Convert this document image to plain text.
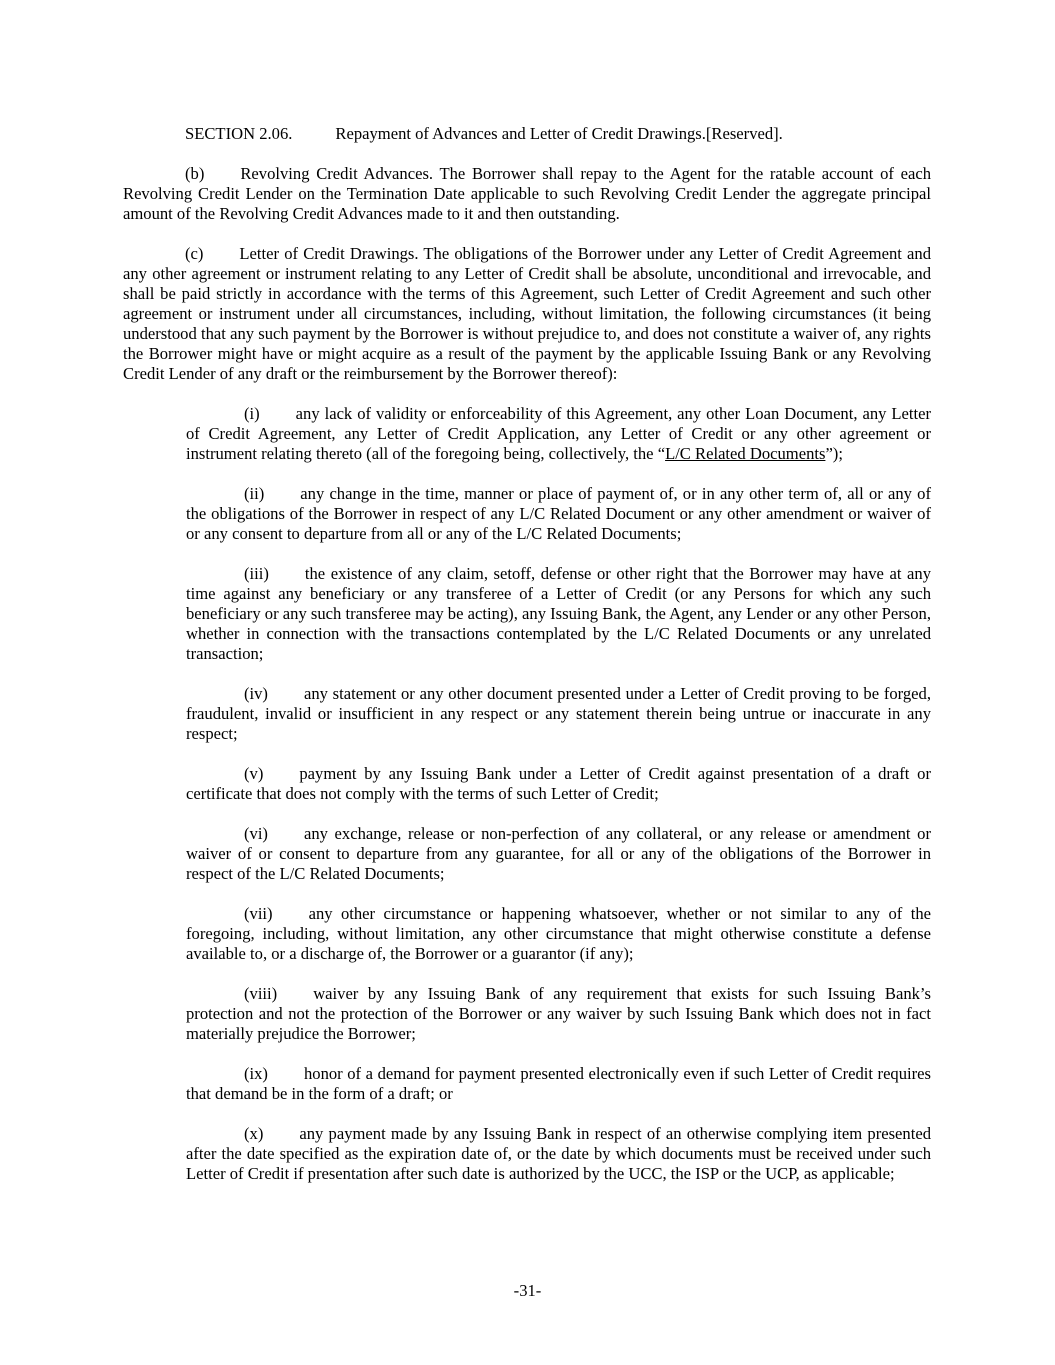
SECTION 2.06.	Repayment of Advances and Letter of Credit Drawings.[Reserved].

(b) Revolving Credit Advances. The Borrower shall repay to the Agent for the ratable account of each Revolving Credit Lender on the Termination Date applicable to such Revolving Credit Lender the aggregate principal amount of the Revolving Credit Advances made to it and then outstanding.

(c) Letter of Credit Drawings. The obligations of the Borrower under any Letter of Credit Agreement and any other agreement or instrument relating to any Letter of Credit shall be absolute, unconditional and irrevocable, and shall be paid strictly in accordance with the terms of this Agreement, such Letter of Credit Agreement and such other agreement or instrument under all circumstances, including, without limitation, the following circumstances (it being understood that any such payment by the Borrower is without prejudice to, and does not constitute a waiver of, any rights the Borrower might have or might acquire as a result of the payment by the applicable Issuing Bank or any Revolving Credit Lender of any draft or the reimbursement by the Borrower thereof):

(i) any lack of validity or enforceability of this Agreement, any other Loan Document, any Letter of Credit Agreement, any Letter of Credit Application, any Letter of Credit or any other agreement or instrument relating thereto (all of the foregoing being, collectively, the “L/C Related Documents”);

(ii) any change in the time, manner or place of payment of, or in any other term of, all or any of the obligations of the Borrower in respect of any L/C Related Document or any other amendment or waiver of or any consent to departure from all or any of the L/C Related Documents;

(iii) the existence of any claim, setoff, defense or other right that the Borrower may have at any time against any beneficiary or any transferee of a Letter of Credit (or any Persons for which any such beneficiary or any such transferee may be acting), any Issuing Bank, the Agent, any Lender or any other Person, whether in connection with the transactions contemplated by the L/C Related Documents or any unrelated transaction;

(iv) any statement or any other document presented under a Letter of Credit proving to be forged, fraudulent, invalid or insufficient in any respect or any statement therein being untrue or inaccurate in any respect;

(v) payment by any Issuing Bank under a Letter of Credit against presentation of a draft or certificate that does not comply with the terms of such Letter of Credit;

(vi) any exchange, release or non-perfection of any collateral, or any release or amendment or waiver of or consent to departure from any guarantee, for all or any of the obligations of the Borrower in respect of the L/C Related Documents;

(vii) any other circumstance or happening whatsoever, whether or not similar to any of the foregoing, including, without limitation, any other circumstance that might otherwise constitute a defense available to, or a discharge of, the Borrower or a guarantor (if any);

(viii) waiver by any Issuing Bank of any requirement that exists for such Issuing Bank’s protection and not the protection of the Borrower or any waiver by such Issuing Bank which does not in fact materially prejudice the Borrower;

(ix) honor of a demand for payment presented electronically even if such Letter of Credit requires that demand be in the form of a draft; or

(x) any payment made by any Issuing Bank in respect of an otherwise complying item presented after the date specified as the expiration date of, or the date by which documents must be received under such Letter of Credit if presentation after such date is authorized by the UCC, the ISP or the UCP, as applicable;

-31-
